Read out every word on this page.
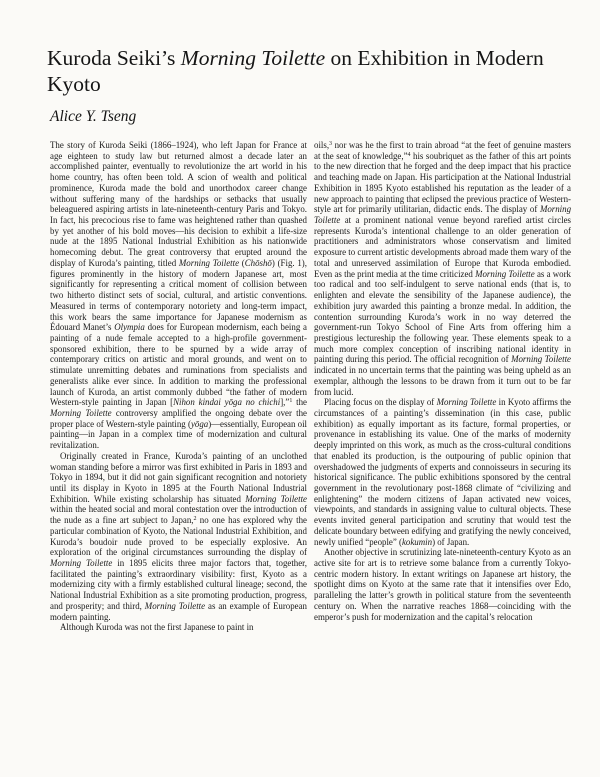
Kuroda Seiki’s Morning Toilette on Exhibition in Modern Kyoto

Alice Y. Tseng

The story of Kuroda Seiki (1866–1924), who left Japan for France at age eighteen to study law but returned almost a decade later an accomplished painter, eventually to revolutionize the art world in his home country, has often been told. A scion of wealth and political prominence, Kuroda made the bold and unorthodox career change without suffering many of the hardships or setbacks that usually beleaguered aspiring artists in late-nineteenth-century Paris and Tokyo. In fact, his precocious rise to fame was heightened rather than quashed by yet another of his bold moves—his decision to exhibit a life-size nude at the 1895 National Industrial Exhibition as his nationwide homecoming debut. The great controversy that erupted around the display of Kuroda’s painting, titled Morning Toilette (Chōshō) (Fig. 1), figures prominently in the history of modern Japanese art, most significantly for representing a critical moment of collision between two hitherto distinct sets of social, cultural, and artistic conventions. Measured in terms of contemporary notoriety and long-term impact, this work bears the same importance for Japanese modernism as Édouard Manet’s Olympia does for European modernism, each being a painting of a nude female accepted to a high-profile government-sponsored exhibition, there to be spurned by a wide array of contemporary critics on artistic and moral grounds, and went on to stimulate unremitting debates and ruminations from specialists and generalists alike ever since. In addition to marking the professional launch of Kuroda, an artist commonly dubbed “the father of modern Western-style painting in Japan [Nihon kindai yōga no chichi],”$^1$ the Morning Toilette controversy amplified the ongoing debate over the proper place of Western-style painting (yōga)—essentially, European oil painting—in Japan in a complex time of modernization and cultural revitalization.

Originally created in France, Kuroda’s painting of an unclothed woman standing before a mirror was first exhibited in Paris in 1893 and Tokyo in 1894, but it did not gain significant recognition and notoriety until its display in Kyoto in 1895 at the Fourth National Industrial Exhibition. While existing scholarship has situated Morning Toilette within the heated social and moral contestation over the introduction of the nude as a fine art subject to Japan,$^2$ no one has explored why the particular combination of Kyoto, the National Industrial Exhibition, and Kuroda’s boudoir nude proved to be especially explosive. An exploration of the original circumstances surrounding the display of Morning Toilette in 1895 elicits three major factors that, together, facilitated the painting’s extraordinary visibility: first, Kyoto as a modernizing city with a firmly established cultural lineage; second, the National Industrial Exhibition as a site promoting production, progress, and prosperity; and third, Morning Toilette as an example of European modern painting.

Although Kuroda was not the first Japanese to paint in

oils,$^3$ nor was he the first to train abroad “at the feet of genuine masters at the seat of knowledge,”$^4$ his soubriquet as the father of this art points to the new direction that he forged and the deep impact that his practice and teaching made on Japan. His participation at the National Industrial Exhibition in 1895 Kyoto established his reputation as the leader of a new approach to painting that eclipsed the previous practice of Western-style art for primarily utilitarian, didactic ends. The display of Morning Toilette at a prominent national venue beyond rarefied artist circles represents Kuroda’s intentional challenge to an older generation of practitioners and administrators whose conservatism and limited exposure to current artistic developments abroad made them wary of the total and unreserved assimilation of Europe that Kuroda embodied. Even as the print media at the time criticized Morning Toilette as a work too radical and too self-indulgent to serve national ends (that is, to enlighten and elevate the sensibility of the Japanese audience), the exhibition jury awarded this painting a bronze medal. In addition, the contention surrounding Kuroda’s work in no way deterred the government-run Tokyo School of Fine Arts from offering him a prestigious lectureship the following year. These elements speak to a much more complex conception of inscribing national identity in painting during this period. The official recognition of Morning Toilette indicated in no uncertain terms that the painting was being upheld as an exemplar, although the lessons to be drawn from it turn out to be far from lucid.

Placing focus on the display of Morning Toilette in Kyoto affirms the circumstances of a painting’s dissemination (in this case, public exhibition) as equally important as its facture, formal properties, or provenance in establishing its value. One of the marks of modernity deeply imprinted on this work, as much as the cross-cultural conditions that enabled its production, is the outpouring of public opinion that overshadowed the judgments of experts and connoisseurs in securing its historical significance. The public exhibitions sponsored by the central government in the revolutionary post-1868 climate of “civilizing and enlightening” the modern citizens of Japan activated new voices, viewpoints, and standards in assigning value to cultural objects. These events invited general participation and scrutiny that would test the delicate boundary between edifying and gratifying the newly conceived, newly unified “people” (kokumin) of Japan.

Another objective in scrutinizing late-nineteenth-century Kyoto as an active site for art is to retrieve some balance from a currently Tokyo-centric modern history. In extant writings on Japanese art history, the spotlight dims on Kyoto at the same rate that it intensifies over Edo, paralleling the latter’s growth in political stature from the seventeenth century on. When the narrative reaches 1868—coinciding with the emperor’s push for modernization and the capital’s relocation
